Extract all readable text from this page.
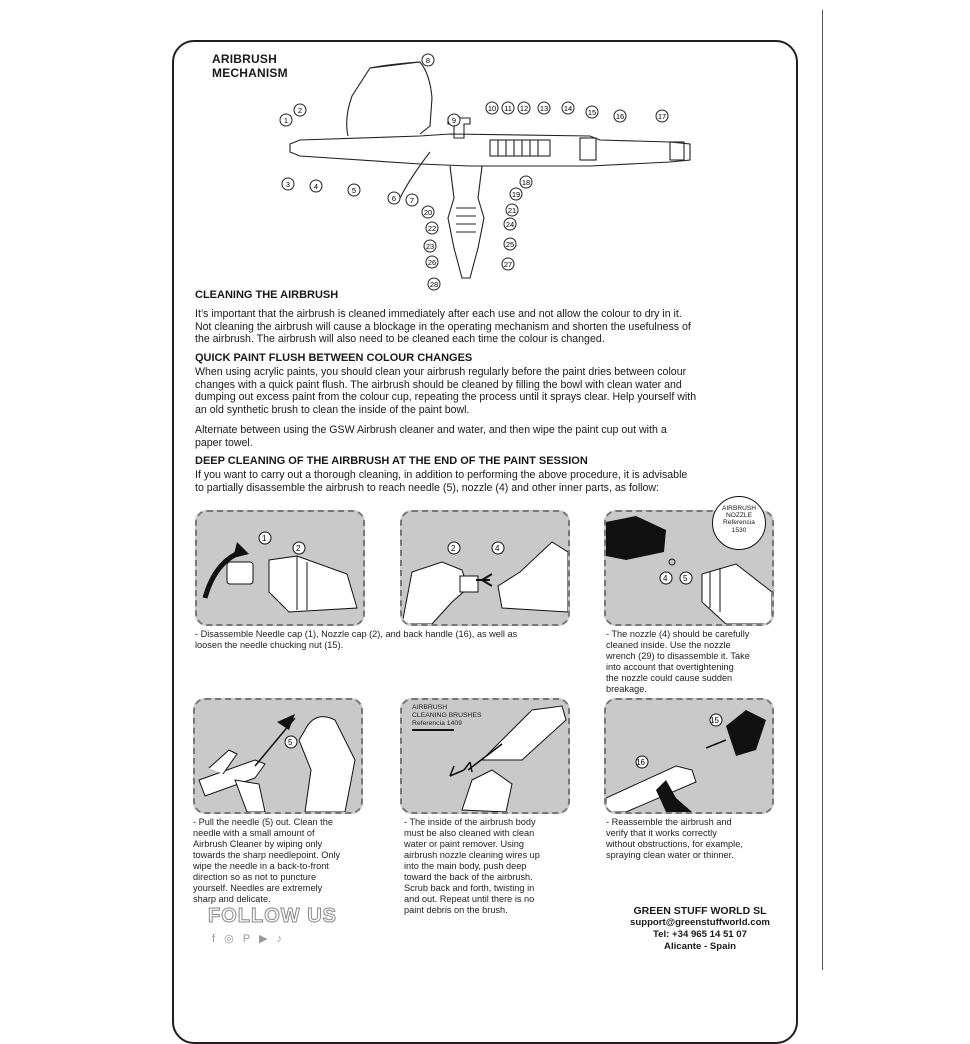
ARIBRUSH
MECHANISM
1
2
3	4	5
6 7
8
9
10 11 12 13 14 15	16	17
18
19
20	21
22
23
24
25
26	27
28
CLEANING THE AIRBRUSH
It’s important that the airbrush is cleaned immediately after each use and not allow the colour to dry in it.
Not cleaning the airbrush will cause a blockage in the operating mechanism and shorten the usefulness of
the airbrush. The airbrush will also need to be cleaned each time the colour is changed.
QUICK PAINT FLUSH BETWEEN COLOUR CHANGES
When using acrylic paints, you should clean your airbrush regularly before the paint dries between colour
changes with a quick paint flush. The airbrush should be cleaned by filling the bowl with clean water and
dumping out excess paint from the colour cup, repeating the process until it sprays clear. Help yourself with
an old synthetic brush to clean the inside of the paint bowl.
Alternate between using the GSW Airbrush cleaner and water, and then wipe the paint cup out with a
paper towel.
DEEP CLEANING OF THE AIRBRUSH AT THE END OF THE PAINT SESSION
If you want to carry out a thorough cleaning, in addition to performing the above procedure, it is advisable
to partially disassemble the airbrush to reach needle (5), nozzle (4) and other inner parts, as follow:
1
2	2	4
4 5
AIRBRUSH
NOZZLE
Referencia
1530
- Disassemble Needle cap (1), Nozzle cap (2), and back handle (16), as well as
loosen the needle chucking nut (15).
- The nozzle (4) should be carefully
cleaned inside. Use the nozzle
wrench (29) to disassemble it. Take
into account that overtightening
the nozzle could cause sudden
breakage.
5
AIRBRUSH
CLEANING BRUSHES
Referencia 1409	15
16
- Pull the needle (5) out. Clean the
needle with a small amount of
Airbrush Cleaner by wiping only
towards the sharp needlepoint. Only
wipe the needle in a back-to-front
direction so as not to puncture
yourself. Needles are extremely
sharp and delicate.
- The inside of the airbrush body
must be also cleaned with clean
water or paint remover. Using
airbrush nozzle cleaning wires up
into the main body, push deep
toward the back of the airbrush.
Scrub back and forth, twisting in
and out. Repeat until there is no
paint debris on the brush.
- Reassemble the airbrush and
verify that it works correctly
without obstructions, for example,
spraying clean water or thinner.
FOLLOW US
f ◎ P ▶ ♪
GREEN STUFF WORLD SL
support@greenstuffworld.com
Tel: +34 965 14 51 07
Alicante - Spain
